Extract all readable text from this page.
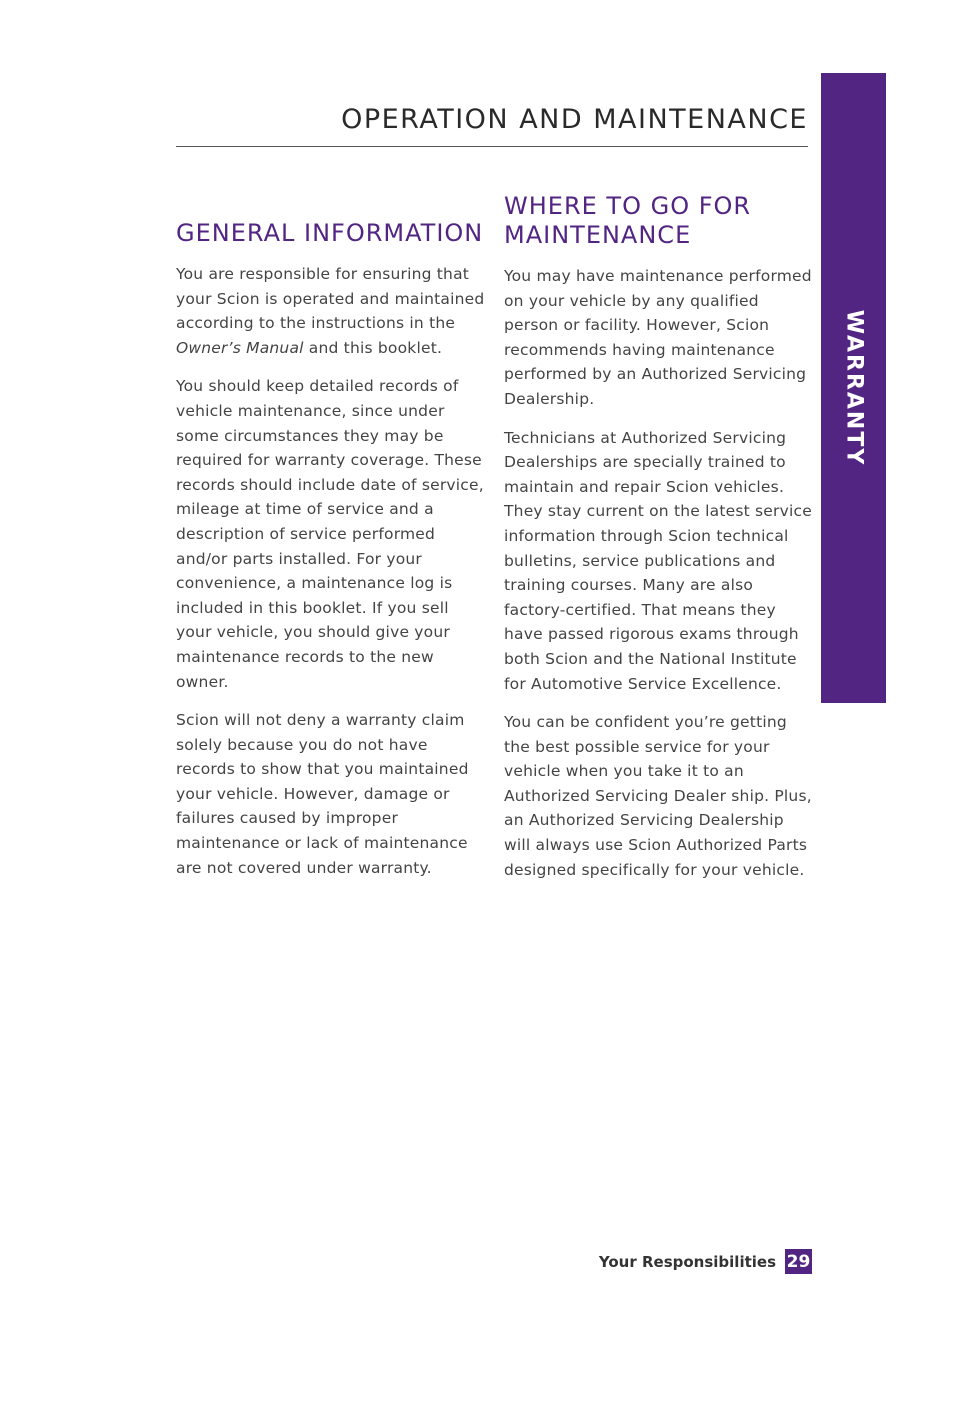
WARRANTY
OPERATION AND MAINTENANCE
GENERAL INFORMATION

You are responsible for ensuring that your Scion is operated and maintained according to the instructions in the Owner’s Manual and this booklet.

You should keep detailed records of vehicle maintenance, since under some circumstances they may be required for warranty coverage. These records should include date of service, mileage at time of service and a description of service performed and/or parts installed. For your convenience, a maintenance log is included in this booklet. If you sell your vehicle, you should give your maintenance records to the new owner.

Scion will not deny a warranty claim solely because you do not have records to show that you maintained your vehicle. However, damage or failures caused by improper maintenance or lack of maintenance are not covered under warranty.

WHERE TO GO FOR MAINTENANCE

You may have maintenance performed on your vehicle by any qualified person or facility. However, Scion recommends having maintenance performed by an Authorized Servicing Dealership.

Technicians at Authorized Servicing Dealerships are specially trained to maintain and repair Scion vehicles. They stay current on the latest service information through Scion technical bulletins, service publications and training courses. Many are also factory-certified. That means they have passed rigorous exams through both Scion and the National Institute for Automotive Service Excellence.

You can be confident you’re getting the best possible service for your vehicle when you take it to an Authorized Servicing Dealer ship. Plus, an Authorized Servicing Dealership will always use Scion Authorized Parts designed specifically for your vehicle.

Your Responsibilities 29
